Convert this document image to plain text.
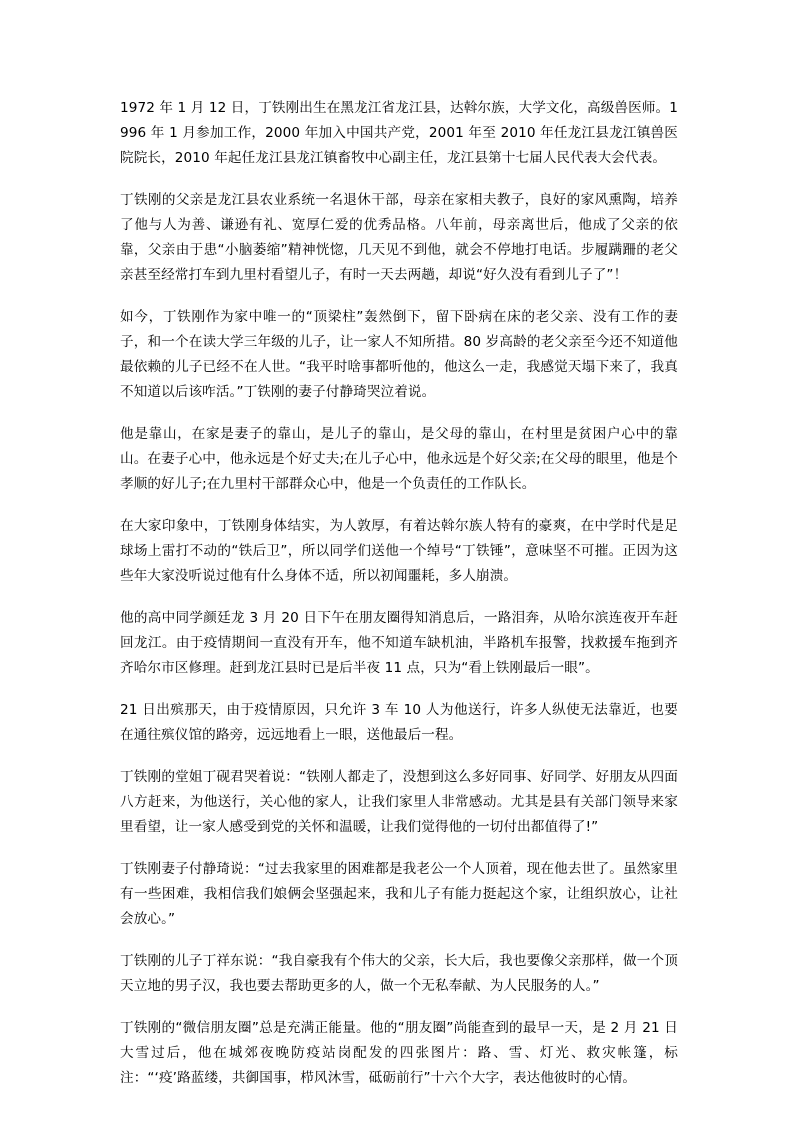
1972 年 1 月 12 日，丁铁刚出生在黑龙江省龙江县，达斡尔族，大学文化，高级兽医师。1996 年 1 月参加工作，2000 年加入中国共产党，2001 年至 2010 年任龙江县龙江镇兽医院院长，2010 年起任龙江县龙江镇畜牧中心副主任，龙江县第十七届人民代表大会代表。

丁铁刚的父亲是龙江县农业系统一名退休干部，母亲在家相夫教子，良好的家风熏陶，培养了他与人为善、谦逊有礼、宽厚仁爱的优秀品格。八年前，母亲离世后，他成了父亲的依靠，父亲由于患“小脑萎缩”精神恍惚，几天见不到他，就会不停地打电话。步履蹒跚的老父亲甚至经常打车到九里村看望儿子，有时一天去两趟，却说“好久没有看到儿子了”！

如今，丁铁刚作为家中唯一的“顶梁柱”轰然倒下，留下卧病在床的老父亲、没有工作的妻子，和一个在读大学三年级的儿子，让一家人不知所措。80 岁高龄的老父亲至今还不知道他最依赖的儿子已经不在人世。“我平时啥事都听他的，他这么一走，我感觉天塌下来了，我真不知道以后该咋活。”丁铁刚的妻子付静琦哭泣着说。

他是靠山，在家是妻子的靠山，是儿子的靠山，是父母的靠山，在村里是贫困户心中的靠山。在妻子心中，他永远是个好丈夫;在儿子心中，他永远是个好父亲;在父母的眼里，他是个孝顺的好儿子;在九里村干部群众心中，他是一个负责任的工作队长。

在大家印象中，丁铁刚身体结实，为人敦厚，有着达斡尔族人特有的豪爽，在中学时代是足球场上雷打不动的“铁后卫”，所以同学们送他一个绰号“丁铁锤”，意味坚不可摧。正因为这些年大家没听说过他有什么身体不适，所以初闻噩耗，多人崩溃。

他的高中同学颜廷龙 3 月 20 日下午在朋友圈得知消息后，一路泪奔，从哈尔滨连夜开车赶回龙江。由于疫情期间一直没有开车，他不知道车缺机油，半路机车报警，找救援车拖到齐齐哈尔市区修理。赶到龙江县时已是后半夜 11 点，只为“看上铁刚最后一眼”。

21 日出殡那天，由于疫情原因，只允许 3 车 10 人为他送行，许多人纵使无法靠近，也要在通往殡仪馆的路旁，远远地看上一眼，送他最后一程。

丁铁刚的堂姐丁砚君哭着说：“铁刚人都走了，没想到这么多好同事、好同学、好朋友从四面八方赶来，为他送行，关心他的家人，让我们家里人非常感动。尤其是县有关部门领导来家里看望，让一家人感受到党的关怀和温暖，让我们觉得他的一切付出都值得了!”

丁铁刚妻子付静琦说：“过去我家里的困难都是我老公一个人顶着，现在他去世了。虽然家里有一些困难，我相信我们娘俩会坚强起来，我和儿子有能力挺起这个家，让组织放心，让社会放心。”

丁铁刚的儿子丁祥东说：“我自豪我有个伟大的父亲，长大后，我也要像父亲那样，做一个顶天立地的男子汉，我也要去帮助更多的人，做一个无私奉献、为人民服务的人。”

丁铁刚的“微信朋友圈”总是充满正能量。他的“朋友圈”尚能查到的最早一天，是 2 月 21 日大雪过后，他在城郊夜晚防疫站岗配发的四张图片：路、雪、灯光、救灾帐篷，标注：“‘疫’路蓝缕，共御国事，栉风沐雪，砥砺前行”十六个大字，表达他彼时的心情。
